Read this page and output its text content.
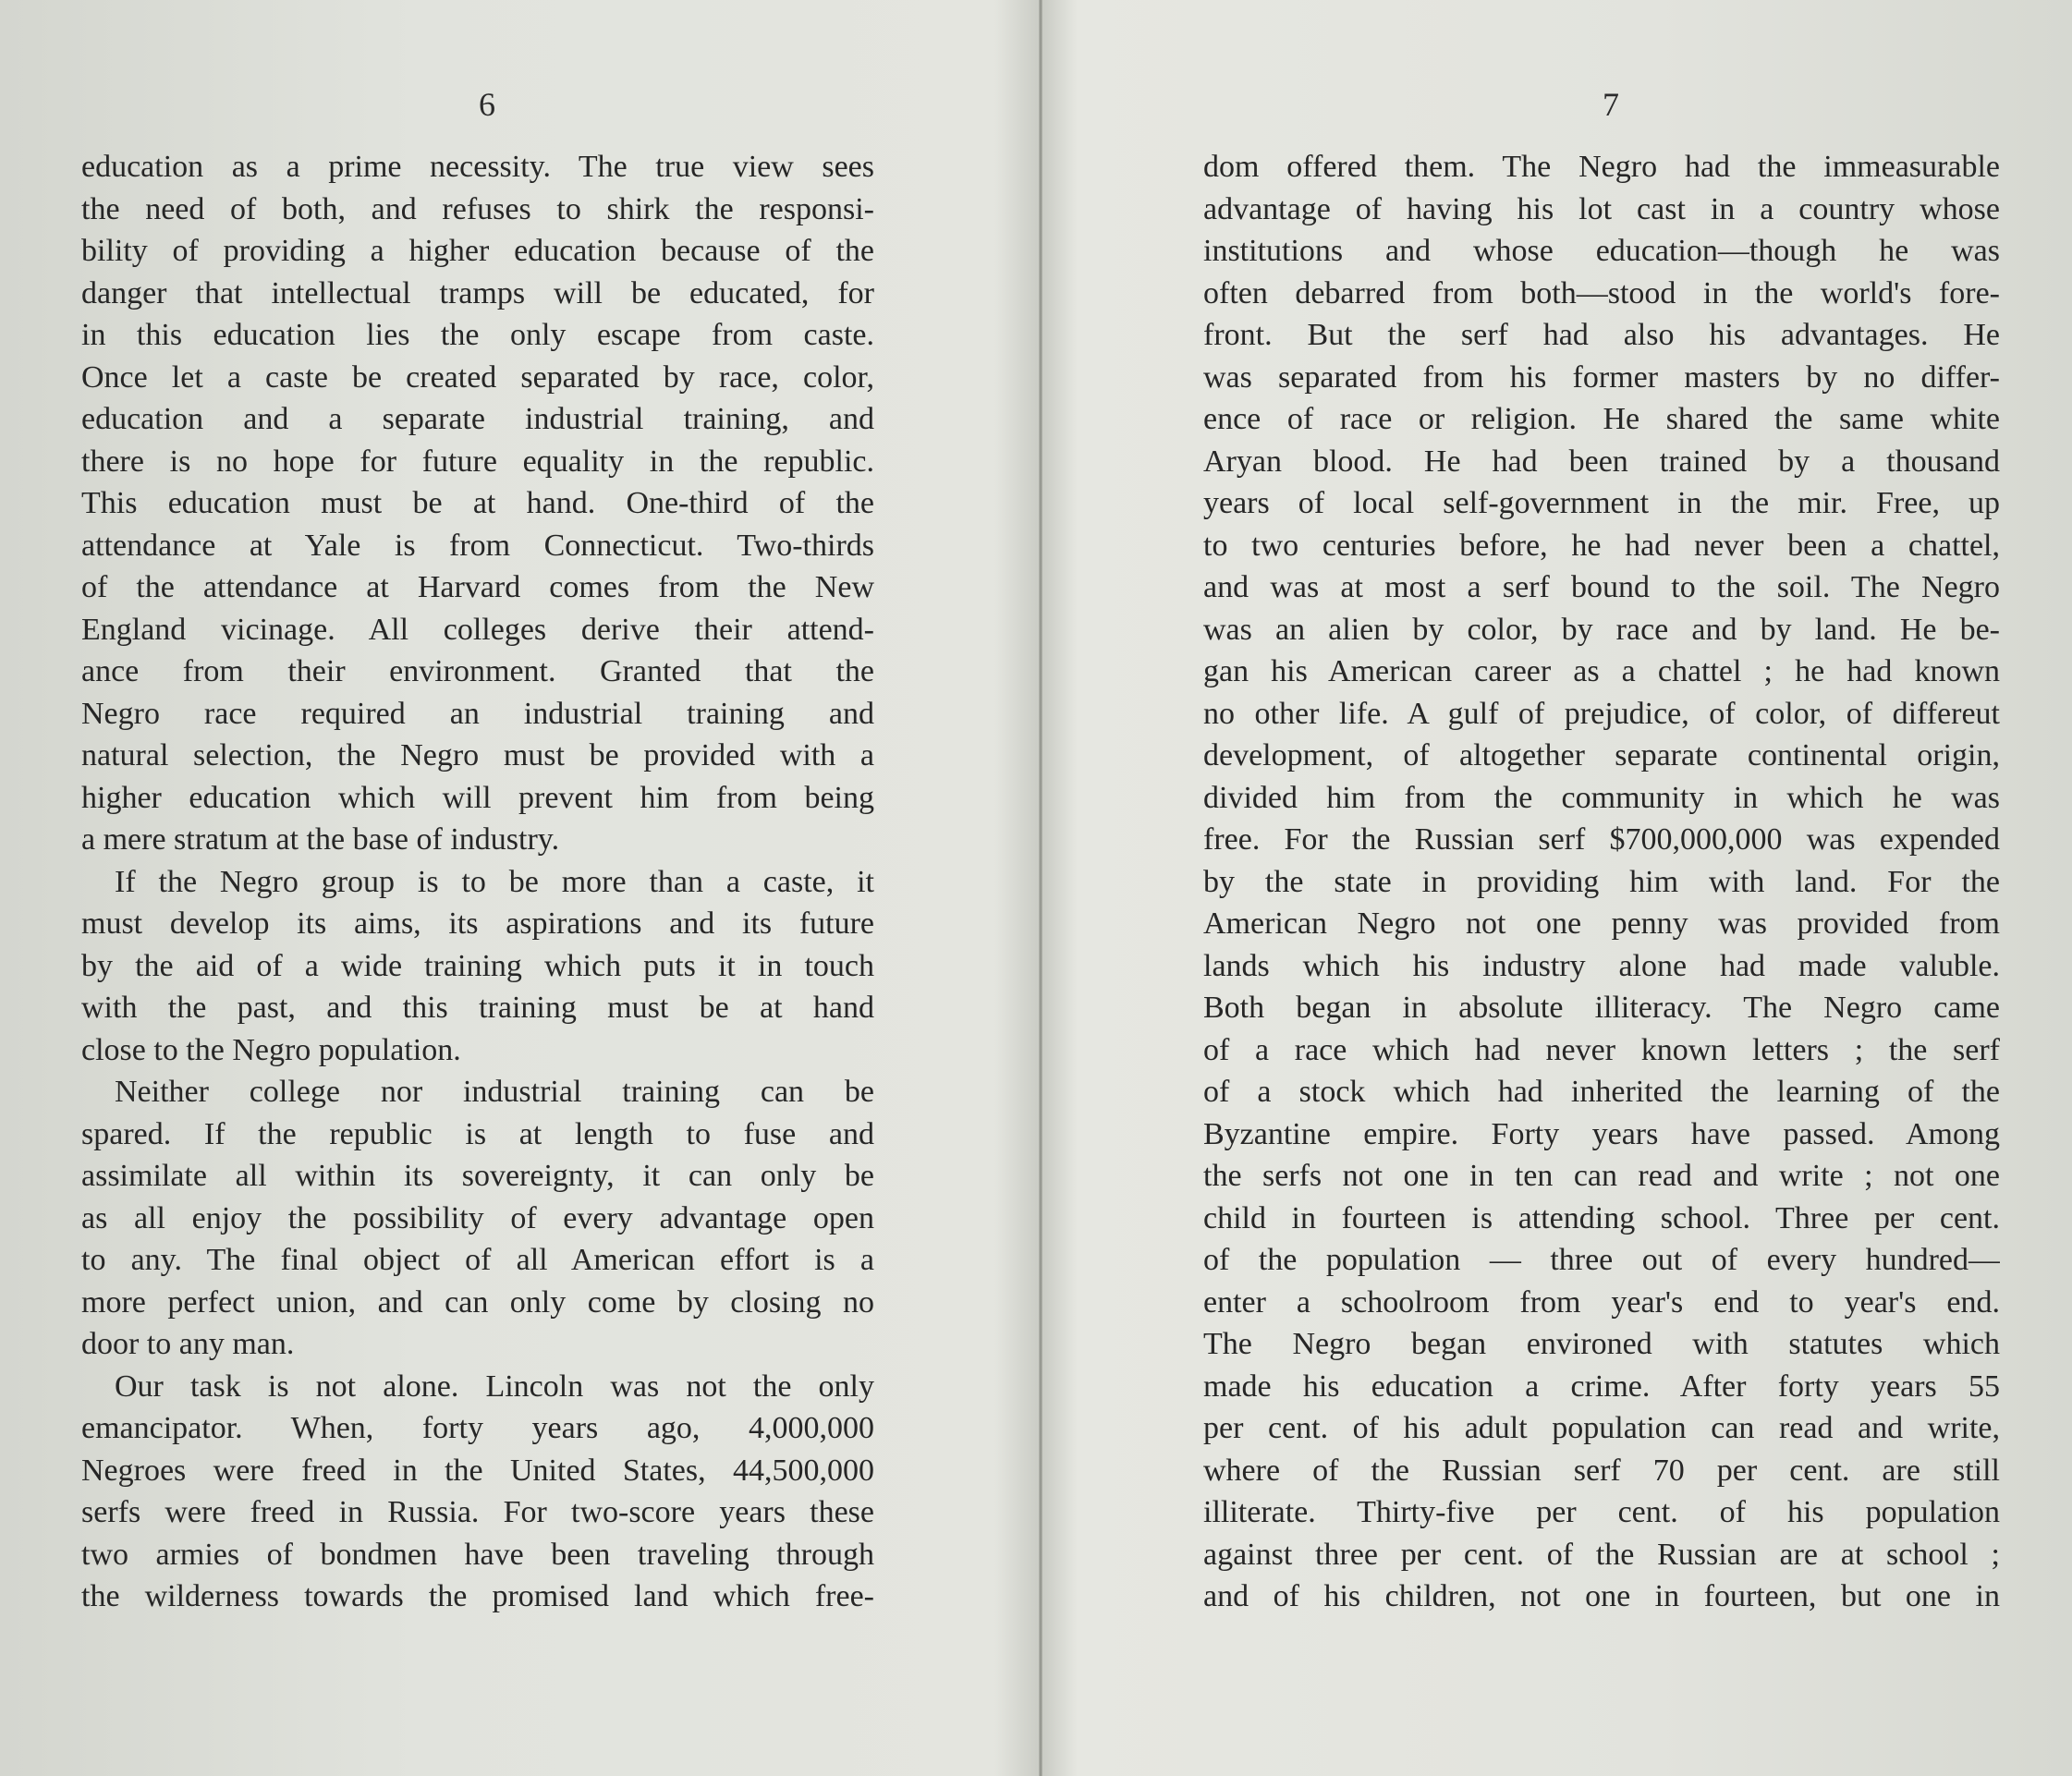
6
education as a prime necessity. The true view sees
the need of both, and refuses to shirk the responsi-
bility of providing a higher education because of the
danger that intellectual tramps will be educated, for
in this education lies the only escape from caste.
Once let a caste be created separated by race, color,
education and a separate industrial training, and
there is no hope for future equality in the republic.
This education must be at hand. One-third of the
attendance at Yale is from Connecticut. Two-thirds
of the attendance at Harvard comes from the New
England vicinage. All colleges derive their attend-
ance from their environment. Granted that the
Negro race required an industrial training and
natural selection, the Negro must be provided with a
higher education which will prevent him from being
a mere stratum at the base of industry.
If the Negro group is to be more than a caste, it
must develop its aims, its aspirations and its future
by the aid of a wide training which puts it in touch
with the past, and this training must be at hand
close to the Negro population.
Neither college nor industrial training can be
spared. If the republic is at length to fuse and
assimilate all within its sovereignty, it can only be
as all enjoy the possibility of every advantage open
to any. The final object of all American effort is a
more perfect union, and can only come by closing no
door to any man.
Our task is not alone. Lincoln was not the only
emancipator. When, forty years ago, 4,000,000
Negroes were freed in the United States, 44,500,000
serfs were freed in Russia. For two-score years these
two armies of bondmen have been traveling through
the wilderness towards the promised land which free-
7
dom offered them. The Negro had the immeasurable
advantage of having his lot cast in a country whose
institutions and whose education—though he was
often debarred from both—stood in the world's fore-
front. But the serf had also his advantages. He
was separated from his former masters by no differ-
ence of race or religion. He shared the same white
Aryan blood. He had been trained by a thousand
years of local self-government in the mir. Free, up
to two centuries before, he had never been a chattel,
and was at most a serf bound to the soil. The Negro
was an alien by color, by race and by land. He be-
gan his American career as a chattel ; he had known
no other life. A gulf of prejudice, of color, of differeut
development, of altogether separate continental origin,
divided him from the community in which he was
free. For the Russian serf $700,000,000 was expended
by the state in providing him with land. For the
American Negro not one penny was provided from
lands which his industry alone had made valuble.
Both began in absolute illiteracy. The Negro came
of a race which had never known letters ; the serf
of a stock which had inherited the learning of the
Byzantine empire. Forty years have passed. Among
the serfs not one in ten can read and write ; not one
child in fourteen is attending school. Three per cent.
of the population — three out of every hundred—
enter a schoolroom from year's end to year's end.
The Negro began environed with statutes which
made his education a crime. After forty years 55
per cent. of his adult population can read and write,
where of the Russian serf 70 per cent. are still
illiterate. Thirty-five per cent. of his population
against three per cent. of the Russian are at school ;
and of his children, not one in fourteen, but one in
